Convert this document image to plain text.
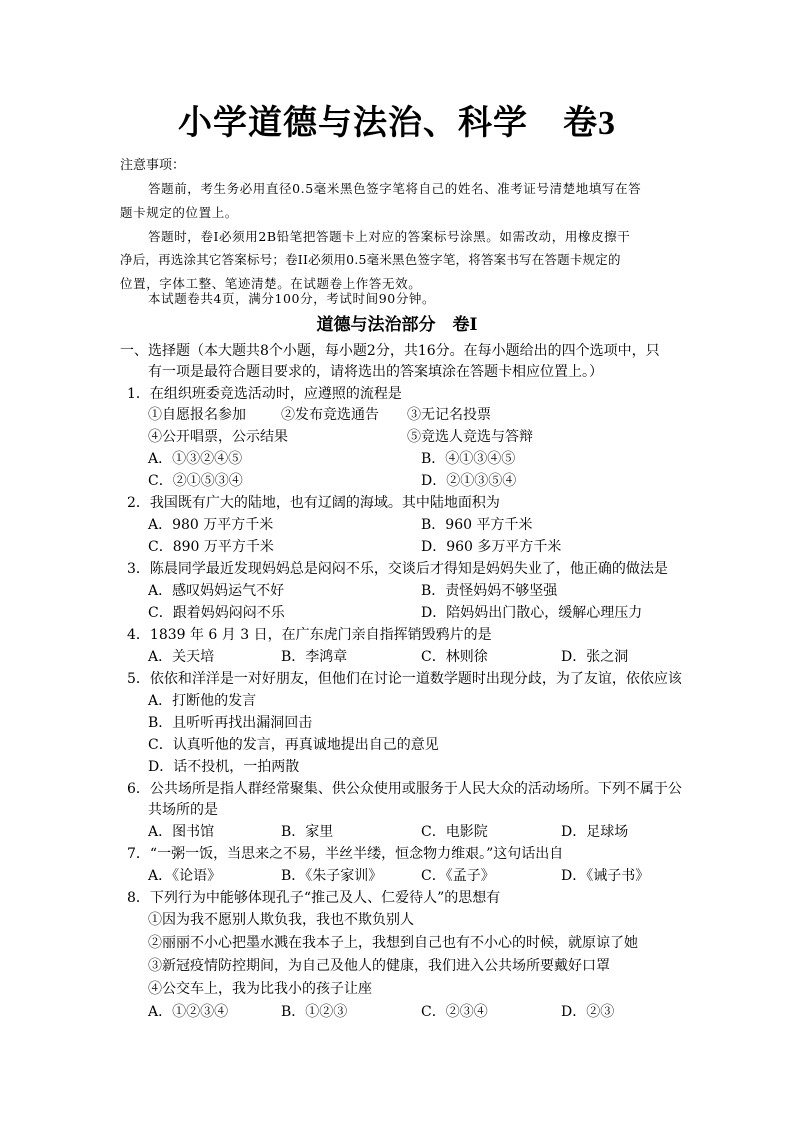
小学道德与法治、科学　卷3
注意事项：
答题前，考生务必用直径0.5毫米黑色签字笔将自己的姓名、准考证号清楚地填写在答
题卡规定的位置上。
答题时，卷I必须用2B铅笔把答题卡上对应的答案标号涂黑。如需改动，用橡皮擦干
净后，再选涂其它答案标号；卷II必须用0.5毫米黑色签字笔，将答案书写在答题卡规定的
位置，字体工整、笔迹清楚。在试题卷上作答无效。
本试题卷共4页，满分100分，考试时间90分钟。
道德与法治部分　卷Ⅰ
一、选择题（本大题共8个小题，每小题2分，共16分。在每小题给出的四个选项中，只
有一项是最符合题目要求的，请将选出的答案填涂在答题卡相应位置上。）
1．在组织班委竞选活动时，应遵照的流程是
①自愿报名参加	②发布竞选通告 ③无记名投票
④公开唱票，公示结果	⑤竞选人竞选与答辩
A．①③②④⑤	B．④①③④⑤
C．②①⑤③④	D．②①③⑤④
2．我国既有广大的陆地，也有辽阔的海域。其中陆地面积为
A．980 万平方千米	B．960 平方千米
C．890 万平方千米	D．960 多万平方千米
3．陈晨同学最近发现妈妈总是闷闷不乐，交谈后才得知是妈妈失业了，他正确的做法是
A．感叹妈妈运气不好	B．责怪妈妈不够坚强
C．跟着妈妈闷闷不乐	D．陪妈妈出门散心，缓解心理压力
4．1839 年 6 月 3 日，在广东虎门亲自指挥销毁鸦片的是
A．关天培	B．李鸿章	C．林则徐	D．张之洞
5．依依和洋洋是一对好朋友，但他们在讨论一道数学题时出现分歧，为了友谊，依依应该
A．打断他的发言
B．且听听再找出漏洞回击
C．认真听他的发言，再真诚地提出自己的意见
D．话不投机，一拍两散
6．公共场所是指人群经常聚集、供公众使用或服务于人民大众的活动场所。下列不属于公
共场所的是
A．图书馆	B．家里	C．电影院	D．足球场
7．“一粥一饭，当思来之不易，半丝半缕，恒念物力维艰。”这句话出自
A．《论语》	B．《朱子家训》	C．《孟子》	D．《诫子书》
8．下列行为中能够体现孔子“推己及人、仁爱待人”的思想有
①因为我不愿别人欺负我，我也不欺负别人
②丽丽不小心把墨水溅在我本子上，我想到自己也有不小心的时候，就原谅了她
③新冠疫情防控期间，为自己及他人的健康，我们进入公共场所要戴好口罩
④公交车上，我为比我小的孩子让座
A．①②③④	B．①②③	C．②③④	D．②③
